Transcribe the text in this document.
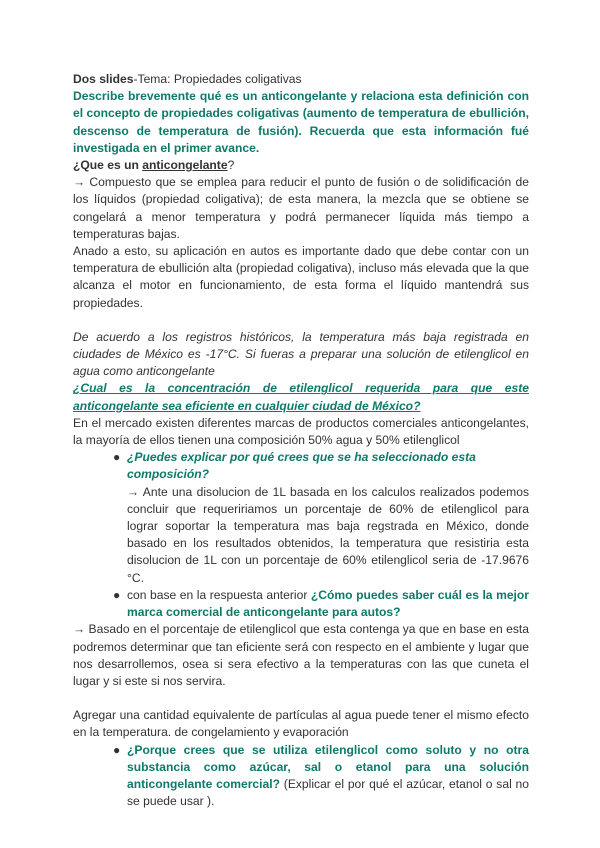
Dos slides-Tema: Propiedades coligativas

Describe brevemente qué es un anticongelante y relaciona esta definición con el concepto de propiedades coligativas (aumento de temperatura de ebullición, descenso de temperatura de fusión). Recuerda que esta información fué investigada en el primer avance.

¿Que es un anticongelante?

→ Compuesto que se emplea para reducir el punto de fusión o de solidificación de los líquidos (propiedad coligativa); de esta manera, la mezcla que se obtiene se congelará a menor temperatura y podrá permanecer líquida más tiempo a temperaturas bajas.

Anado a esto, su aplicación en autos es importante dado que debe contar con un temperatura de ebullición alta (propiedad coligativa), incluso más elevada que la que alcanza el motor en funcionamiento, de esta forma el líquido mantendrá sus propiedades.

De acuerdo a los registros históricos, la temperatura más baja registrada en ciudades de México es -17°C. Si fueras a preparar una solución de etilenglicol en agua como anticongelante

¿Cual es la concentración de etilenglicol requerida para que este anticongelante sea eficiente en cualquier ciudad de México?

En el mercado existen diferentes marcas de productos comerciales anticongelantes, la mayoría de ellos tienen una composición 50% agua y 50% etilenglicol

● ¿Puedes explicar por qué crees que se ha seleccionado esta composición?

→ Ante una disolucion de 1L basada en los calculos realizados podemos concluir que requeririamos un porcentaje de 60% de etilenglicol para lograr soportar la temperatura mas baja regstrada en México, donde basado en los resultados obtenidos, la temperatura que resistiria esta disolucion de 1L con un porcentaje de 60% etilenglicol seria de -17.9676 °C.

● con base en la respuesta anterior ¿Cómo puedes saber cuál es la mejor marca comercial de anticongelante para autos?

→ Basado en el porcentaje de etilenglicol que esta contenga ya que en base en esta podremos determinar que tan eficiente será con respecto en el ambiente y lugar que nos desarrollemos, osea si sera efectivo a la temperaturas con las que cuneta el lugar y si este si nos servira.

Agregar una cantidad equivalente de partículas al agua puede tener el mismo efecto en la temperatura. de congelamiento y evaporación

● ¿Porque crees que se utiliza etilenglicol como soluto y no otra substancia como azúcar, sal o etanol para una solución anticongelante comercial? (Explicar el por qué el azúcar, etanol o sal no se puede usar ).
